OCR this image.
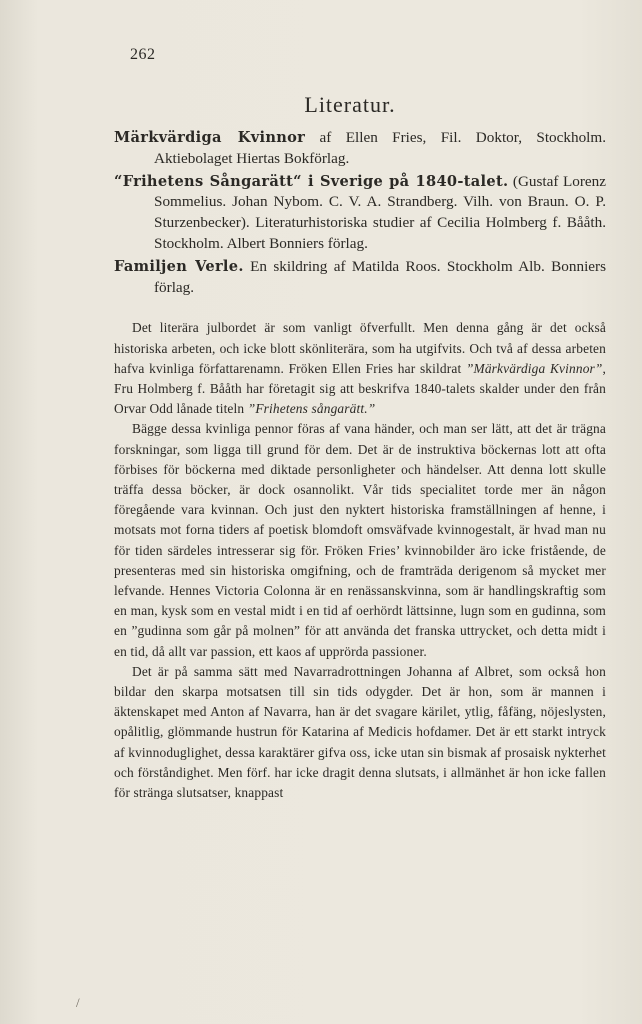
262
Literatur.
Märkvärdiga Kvinnor af Ellen Fries, Fil. Doktor, Stockholm. Aktiebolaget Hiertas Bokförlag.
“Frihetens Sångarätt“ i Sverige på 1840-talet. (Gustaf Lorenz Sommelius. Johan Nybom. C. V. A. Strandberg. Vilh. von Braun. O. P. Sturzenbecker). Literaturhistoriska studier af Cecilia Holmberg f. Bååth. Stockholm. Albert Bonniers förlag.
Familjen Verle. En skildring af Matilda Roos. Stockholm Alb. Bonniers förlag.

Det literära julbordet är som vanligt öfverfullt. Men denna gång är det också historiska arbeten, och icke blott skönliterära, som ha utgifvits. Och två af dessa arbeten hafva kvinliga författarenamn. Fröken Ellen Fries har skildrat ”Märkvärdiga Kvinnor”, Fru Holmberg f. Bååth har företagit sig att beskrifva 1840-talets skalder under den från Orvar Odd lånade titeln ”Frihetens sångarätt.”

Bägge dessa kvinliga pennor föras af vana händer, och man ser lätt, att det är trägna forskningar, som ligga till grund för dem. Det är de instruktiva böckernas lott att ofta förbises för böckerna med diktade personligheter och händelser. Att denna lott skulle träffa dessa böcker, är dock osannolikt. Vår tids specialitet torde mer än någon föregående vara kvinnan. Och just den nyktert historiska framställningen af henne, i motsats mot forna tiders af poetisk blomdoft omsväfvade kvinnogestalt, är hvad man nu för tiden särdeles intresserar sig för. Fröken Fries’ kvinnobilder äro icke fristående, de presenteras med sin historiska omgifning, och de framträda derigenom så mycket mer lefvande. Hennes Victoria Colonna är en renässanskvinna, som är handlingskraftig som en man, kysk som en vestal midt i en tid af oerhördt lättsinne, lugn som en gudinna, som en ”gudinna som går på molnen” för att använda det franska uttrycket, och detta midt i en tid, då allt var passion, ett kaos af upprörda passioner.

Det är på samma sätt med Navarradrottningen Johanna af Albret, som också hon bildar den skarpa motsatsen till sin tids odygder. Det är hon, som är mannen i äktenskapet med Anton af Navarra, han är det svagare kärilet, ytlig, fåfäng, nöjeslysten, opålitlig, glömmande hustrun för Katarina af Medicis hofdamer. Det är ett starkt intryck af kvinnoduglighet, dessa karaktärer gifva oss, icke utan sin bismak af prosaisk nykterhet och förståndighet. Men förf. har icke dragit denna slutsats, i allmänhet är hon icke fallen för stränga slutsatser, knappast

/
